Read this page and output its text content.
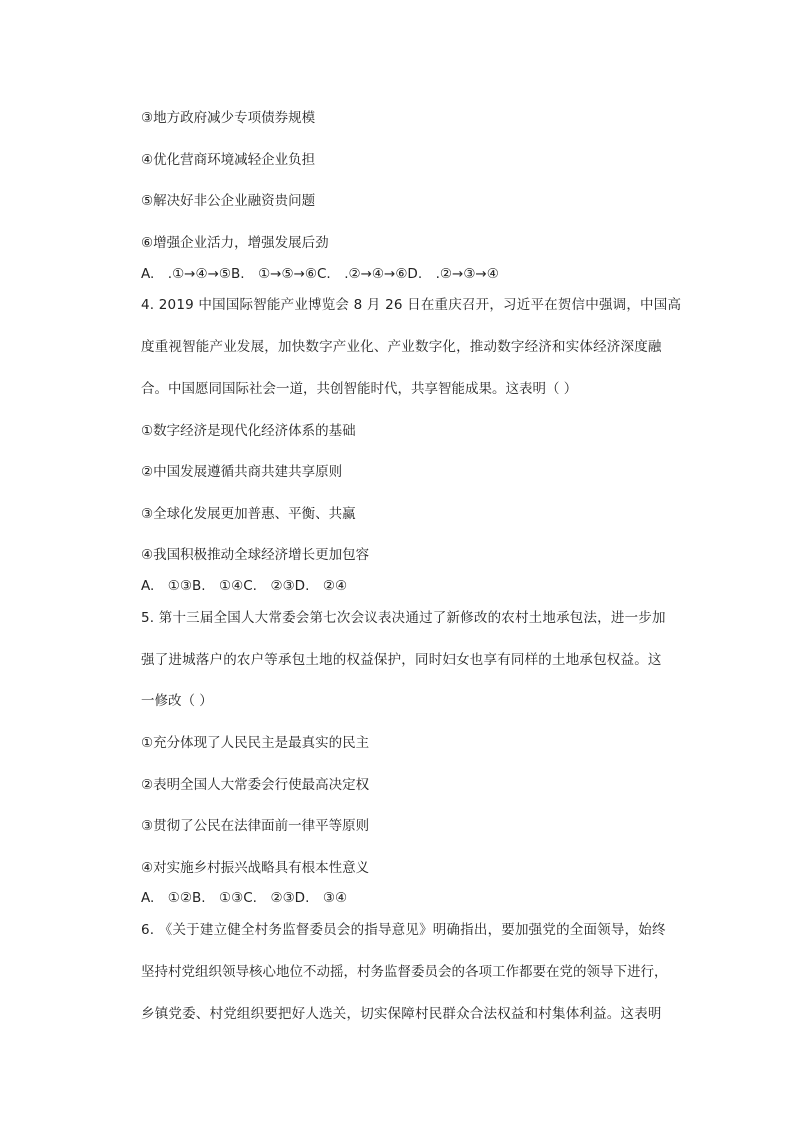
③地方政府减少专项债券规模
④优化营商环境减轻企业负担
⑤解决好非公企业融资贵问题
⑥增强企业活力，增强发展后劲
A.　.①→④→⑤B.　①→⑤→⑥C.　.②→④→⑥D.　.②→③→④
4. 2019 中国国际智能产业博览会 8 月 26 日在重庆召开，习近平在贺信中强调，中国高
度重视智能产业发展，加快数字产业化、产业数字化，推动数字经济和实体经济深度融
合。中国愿同国际社会一道，共创智能时代，共享智能成果。这表明（ ）
①数字经济是现代化经济体系的基础
②中国发展遵循共商共建共享原则
③全球化发展更加普惠、平衡、共赢
④我国积极推动全球经济增长更加包容
A.　①③B.　①④C.　②③D.　②④
5. 第十三届全国人大常委会第七次会议表决通过了新修改的农村土地承包法，进一步加
强了进城落户的农户等承包土地的权益保护，同时妇女也享有同样的土地承包权益。这
一修改（ ）
①充分体现了人民民主是最真实的民主
②表明全国人大常委会行使最高决定权
③贯彻了公民在法律面前一律平等原则
④对实施乡村振兴战略具有根本性意义
A.　①②B.　①③C.　②③D.　③④
6. 《关于建立健全村务监督委员会的指导意见》明确指出，要加强党的全面领导，始终
坚持村党组织领导核心地位不动摇，村务监督委员会的各项工作都要在党的领导下进行，
乡镇党委、村党组织要把好人选关，切实保障村民群众合法权益和村集体利益。这表明
